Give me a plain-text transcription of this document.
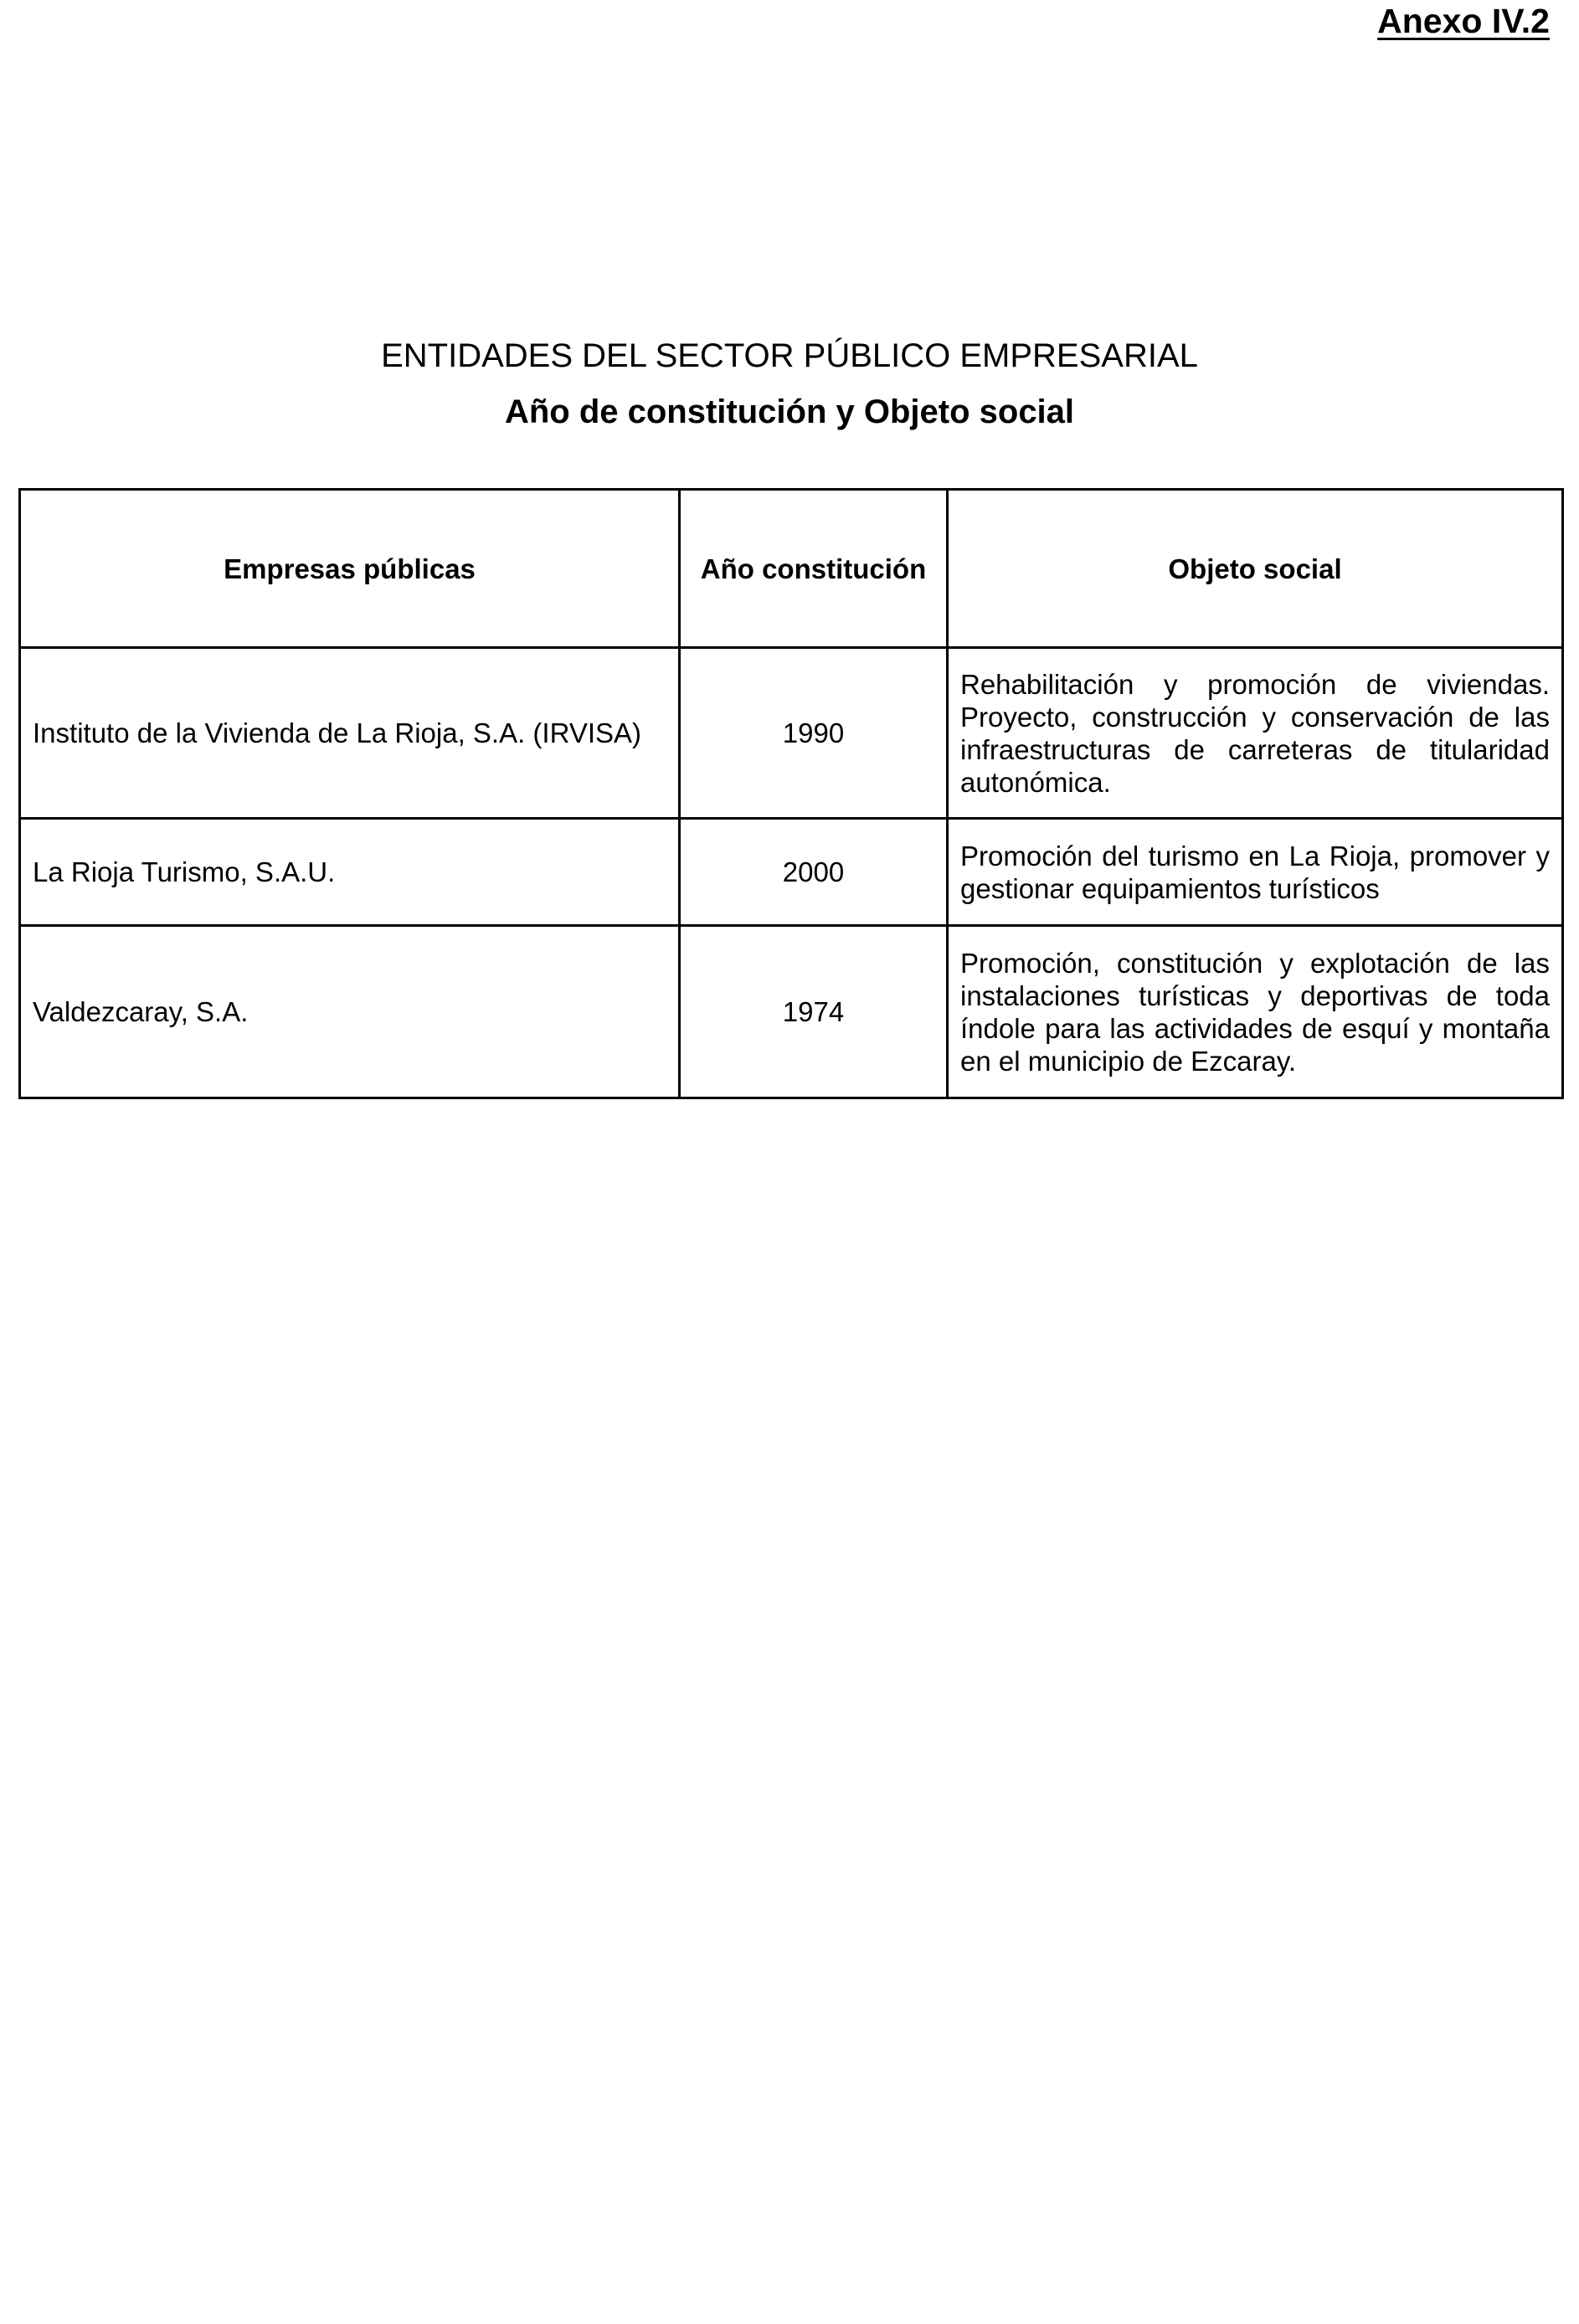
Anexo IV.2
ENTIDADES DEL SECTOR PÚBLICO EMPRESARIAL
Año de constitución y Objeto social
Empresas públicas	Año constitución	Objeto social
Instituto de la Vivienda de La Rioja, S.A. (IRVISA)	1990	Rehabilitación y promoción de viviendas. Proyecto, construcción y conservación de las infraestructuras de carreteras de titularidad autonómica.
La Rioja Turismo, S.A.U.	2000	Promoción del turismo en La Rioja, promover y gestionar equipamientos turísticos
Valdezcaray, S.A.	1974	Promoción, constitución y explotación de las instalaciones turísticas y deportivas de toda índole para las actividades de esquí y montaña en el municipio de Ezcaray.
